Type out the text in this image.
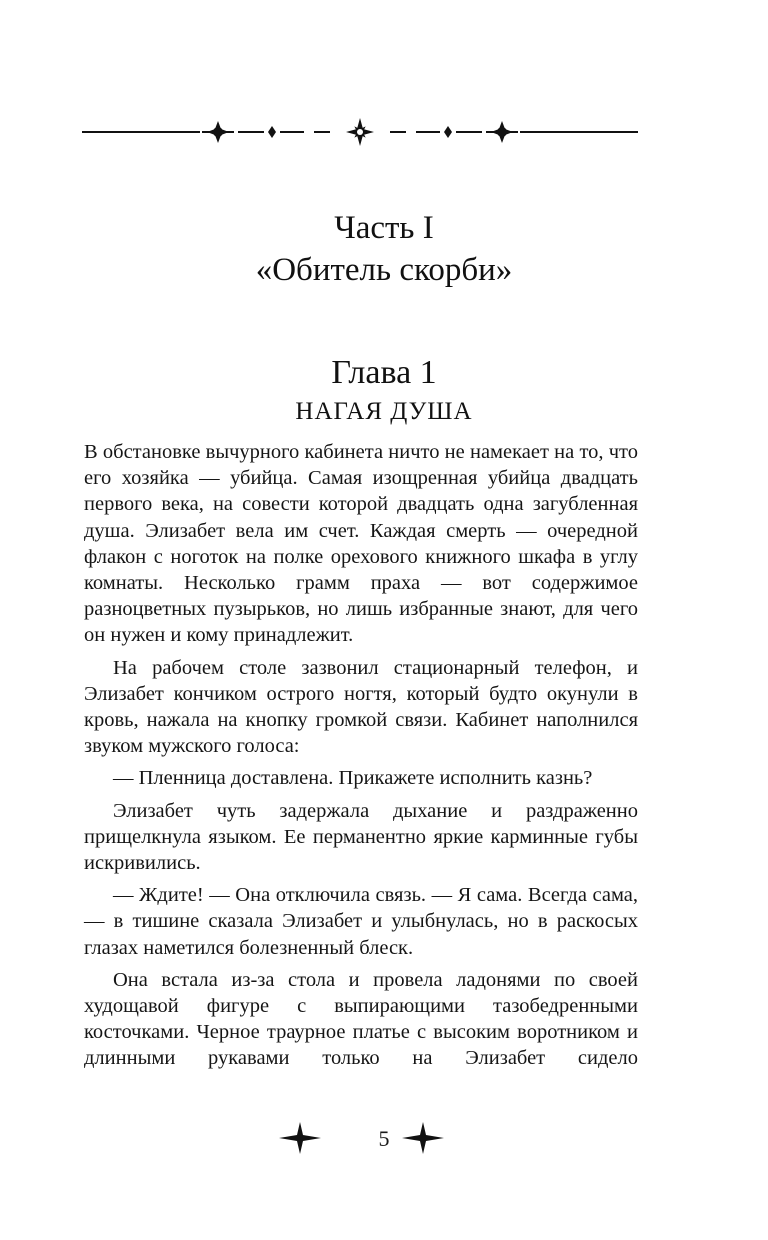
Часть I
«Обитель скорби»
Глава 1
НАГАЯ ДУША

В обстановке вычурного кабинета ничто не намекает на то, что его хозяйка — убийца. Самая изощренная убийца двадцать первого века, на совести которой двадцать одна загубленная душа. Элизабет вела им счет. Каждая смерть — очередной флакон с ноготок на полке орехового книжного шкафа в углу комнаты. Несколько грамм праха — вот содержимое разноцветных пузырьков, но лишь избранные знают, для чего он нужен и кому принадлежит.

На рабочем столе зазвонил стационарный телефон, и Элизабет кончиком острого ногтя, который будто окунули в кровь, нажала на кнопку громкой связи. Кабинет наполнился звуком мужского голоса:

— Пленница доставлена. Прикажете исполнить казнь?

Элизабет чуть задержала дыхание и раздраженно прищелкнула языком. Ее перманентно яркие карминные губы искривились.

— Ждите! — Она отключила связь. — Я сама. Всегда сама, — в тишине сказала Элизабет и улыбнулась, но в раскосых глазах наметился болезненный блеск.

Она встала из-за стола и провела ладонями по своей худощавой фигуре с выпирающими тазобедренными косточками. Черное траурное платье с высоким воротником и длинными рукавами только на Элизабет сидело

5
